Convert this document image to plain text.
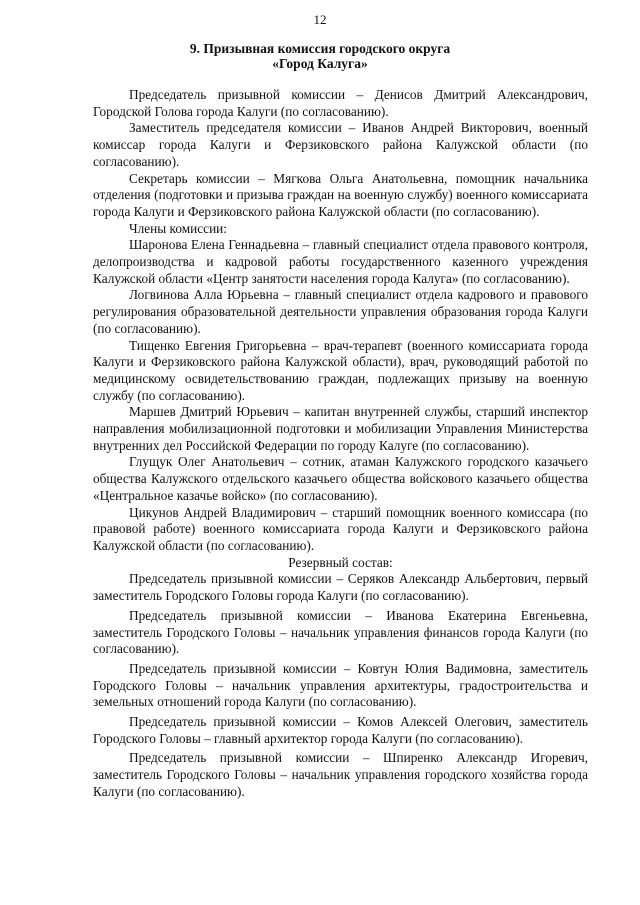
12
9. Призывная комиссия городского округа
«Город Калуга»

Председатель призывной комиссии – Денисов Дмитрий Александрович, Городской Голова города Калуги (по согласованию).

Заместитель председателя комиссии – Иванов Андрей Викторович, военный комиссар города Калуги и Ферзиковского района Калужской области (по согласованию).

Секретарь комиссии – Мягкова Ольга Анатольевна, помощник начальника отделения (подготовки и призыва граждан на военную службу) военного комиссариата города Калуги и Ферзиковского района Калужской области (по согласованию).

Члены комиссии:

Шаронова Елена Геннадьевна – главный специалист отдела правового контроля, делопроизводства и кадровой работы государственного казенного учреждения Калужской области «Центр занятости населения города Калуга» (по согласованию).

Логвинова Алла Юрьевна – главный специалист отдела кадрового и правового регулирования образовательной деятельности управления образования города Калуги (по согласованию).

Тищенко Евгения Григорьевна – врач-терапевт (военного комиссариата города Калуги и Ферзиковского района Калужской области), врач, руководящий работой по медицинскому освидетельствованию граждан, подлежащих призыву на военную службу (по согласованию).

Маршев Дмитрий Юрьевич – капитан внутренней службы, старший инспектор направления мобилизационной подготовки и мобилизации Управления Министерства внутренних дел Российской Федерации по городу Калуге (по согласованию).

Глущук Олег Анатольевич – сотник, атаман Калужского городского казачьего общества Калужского отдельского казачьего общества войскового казачьего общества «Центральное казачье войско» (по согласованию).

Цикунов Андрей Владимирович – старший помощник военного комиссара (по правовой работе) военного комиссариата города Калуги и Ферзиковского района Калужской области (по согласованию).

Резервный состав:

Председатель призывной комиссии – Серяков Александр Альбертович, первый заместитель Городского Головы города Калуги (по согласованию).

Председатель призывной комиссии – Иванова Екатерина Евгеньевна, заместитель Городского Головы – начальник управления финансов города Калуги (по согласованию).

Председатель призывной комиссии – Ковтун Юлия Вадимовна, заместитель Городского Головы – начальник управления архитектуры, градостроительства и земельных отношений города Калуги (по согласованию).

Председатель призывной комиссии – Комов Алексей Олегович, заместитель Городского Головы – главный архитектор города Калуги (по согласованию).

Председатель призывной комиссии – Шпиренко Александр Игоревич, заместитель Городского Головы – начальник управления городского хозяйства города Калуги (по согласованию).
